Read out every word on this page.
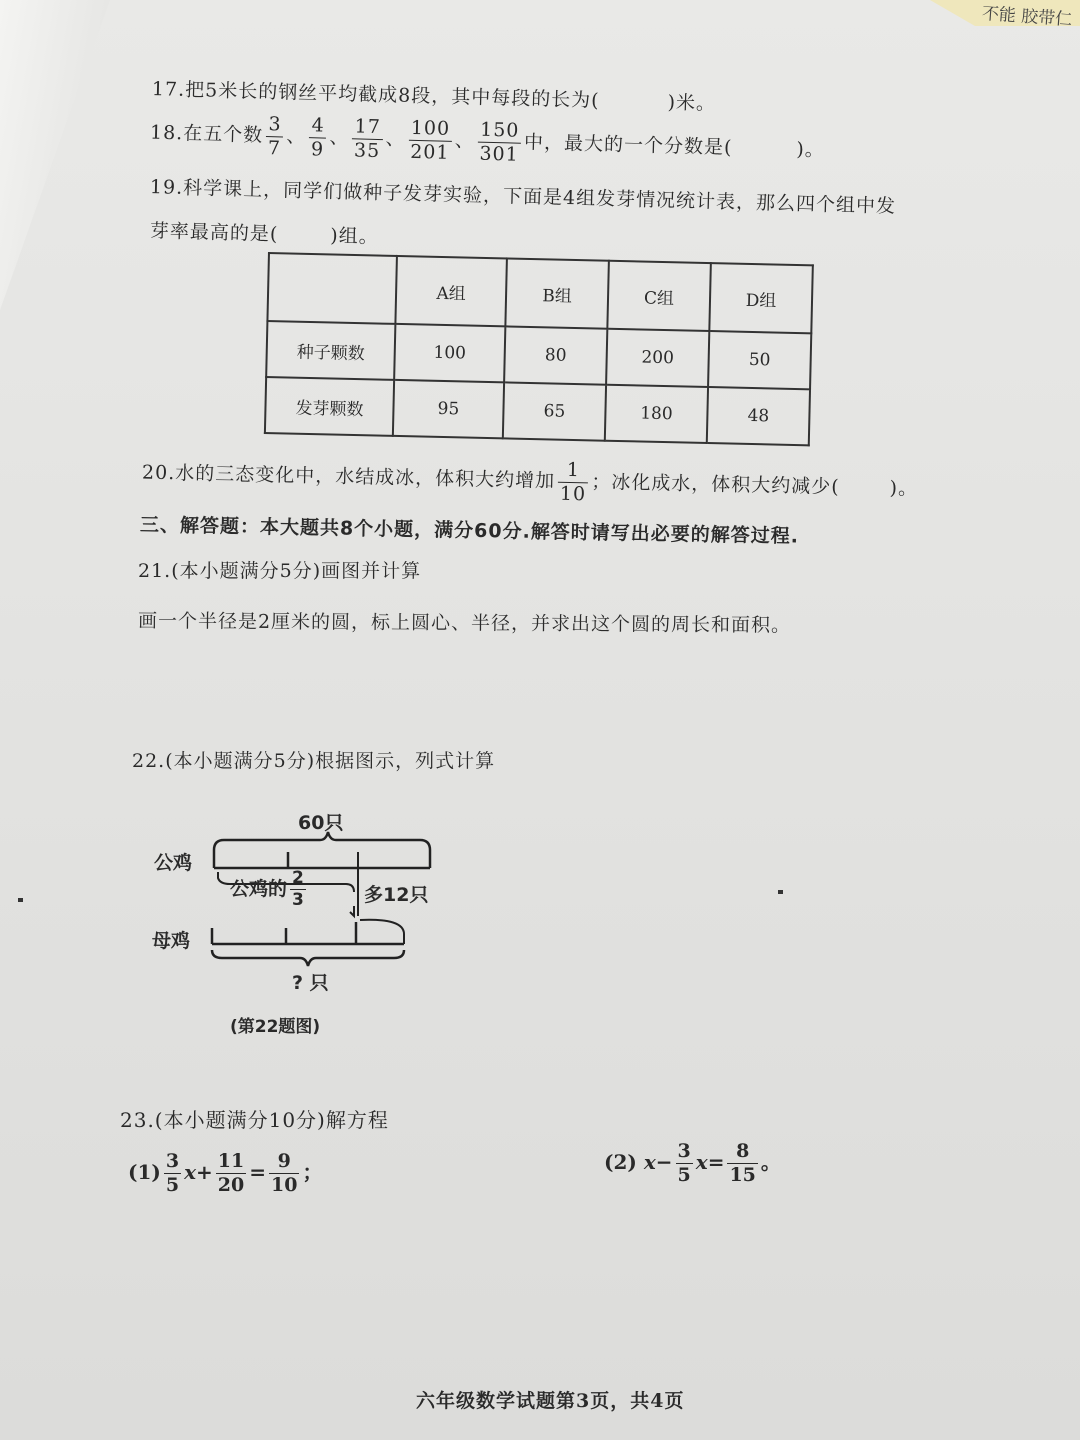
不能 胶带仁
17.把5米长的钢丝平均截成8段，其中每段的长为(	)米。
18.在五个数 $\frac{3}{7}$ 、 $\frac{4}{9}$ 、 $\frac{17}{35}$ 、 $\frac{100}{201}$ 、 $\frac{150}{301}$ 中，最大的一个分数是(	)。
19.科学课上，同学们做种子发芽实验，下面是4组发芽情况统计表，那么四个组中发
芽率最高的是(	)组。
	A组	B组	C组	D组
种子颗数	100	80	200	50
发芽颗数	95	65	180	48
20.水的三态变化中，水结成冰，体积大约增加 $\frac{1}{10}$ ；冰化成水，体积大约减少(	)。
三、解答题：本大题共8个小题，满分60分.解答时请写出必要的解答过程.
21.(本小题满分5分)画图并计算
画一个半径是2厘米的圆，标上圆心、半径，并求出这个圆的周长和面积。
22.(本小题满分5分)根据图示，列式计算
60只
公鸡
公鸡的 $\frac{2}{3}$	多12只
母鸡
? 只
(第22题图)
23.(本小题满分10分)解方程
$(1) \frac{3}{5} x+ \frac{11}{20} = \frac{9}{10}$ ；	(2) $x- \frac{3}{5} x= \frac{8}{15}$ 。
六年级数学试题第3页，共4页
